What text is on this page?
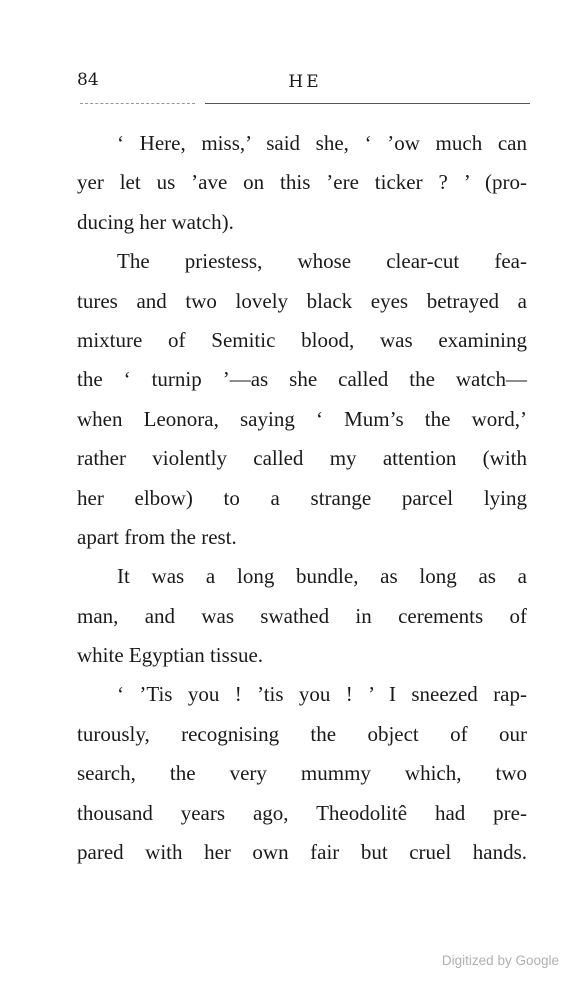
84	HE
‘ Here, miss,’ said she, ‘ ’ow much can
yer let us ’ave on this ’ere ticker ? ’ (pro-
ducing her watch).
The priestess, whose clear-cut fea-
tures and two lovely black eyes betrayed a
mixture of Semitic blood, was examining
the ‘ turnip ’—as she called the watch—
when Leonora, saying ‘ Mum’s the word,’
rather violently called my attention (with
her elbow) to a strange parcel lying
apart from the rest.
It was a long bundle, as long as a
man, and was swathed in cerements of
white Egyptian tissue.
‘ ’Tis you ! ’tis you ! ’ I sneezed rap-
turously, recognising the object of our
search, the very mummy which, two
thousand years ago, Theodolitê had pre-
pared with her own fair but cruel hands.
Digitized by Google
